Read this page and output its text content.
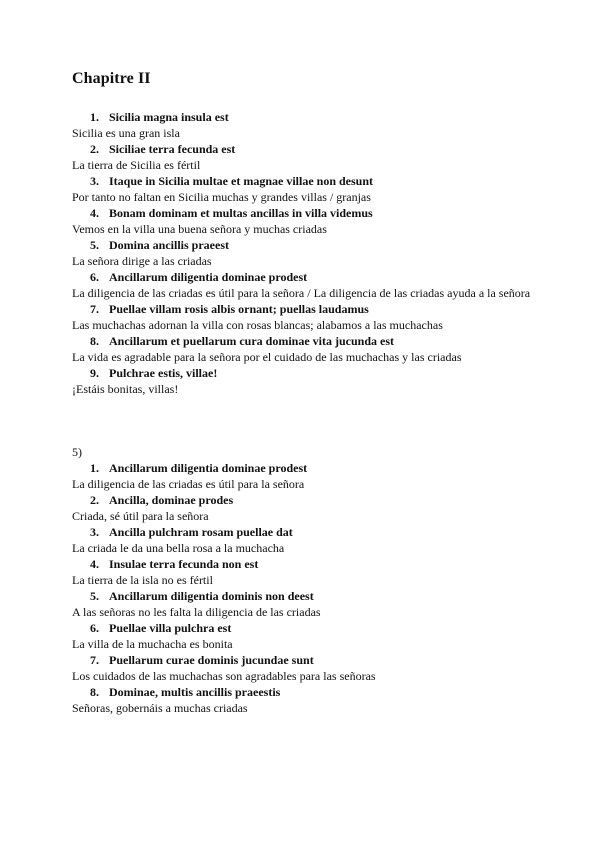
Chapitre II
1. Sicilia magna insula est
Sicilia es una gran isla
2. Siciliae terra fecunda est
La tierra de Sicilia es fértil
3. Itaque in Sicilia multae et magnae villae non desunt
Por tanto no faltan en Sicilia muchas y grandes villas / granjas
4. Bonam dominam et multas ancillas in villa videmus
Vemos en la villa una buena señora y muchas criadas
5. Domina ancillis praeest
La señora dirige a las criadas
6. Ancillarum diligentia dominae prodest
La diligencia de las criadas es útil para la señora / La diligencia de las criadas ayuda a la señora
7. Puellae villam rosis albis ornant; puellas laudamus
Las muchachas adornan la villa con rosas blancas; alabamos a las muchachas
8. Ancillarum et puellarum cura dominae vita jucunda est
La vida es agradable para la señora por el cuidado de las muchachas y las criadas
9. Pulchrae estis, villae!
¡Estáis bonitas, villas!
5)
1. Ancillarum diligentia dominae prodest
La diligencia de las criadas es útil para la señora
2. Ancilla, dominae prodes
Criada, sé útil para la señora
3. Ancilla pulchram rosam puellae dat
La criada le da una bella rosa a la muchacha
4. Insulae terra fecunda non est
La tierra de la isla no es fértil
5. Ancillarum diligentia dominis non deest
A las señoras no les falta la diligencia de las criadas
6. Puellae villa pulchra est
La villa de la muchacha es bonita
7. Puellarum curae dominis jucundae sunt
Los cuidados de las muchachas son agradables para las señoras
8. Dominae, multis ancillis praeestis
Señoras, gobernáis a muchas criadas
